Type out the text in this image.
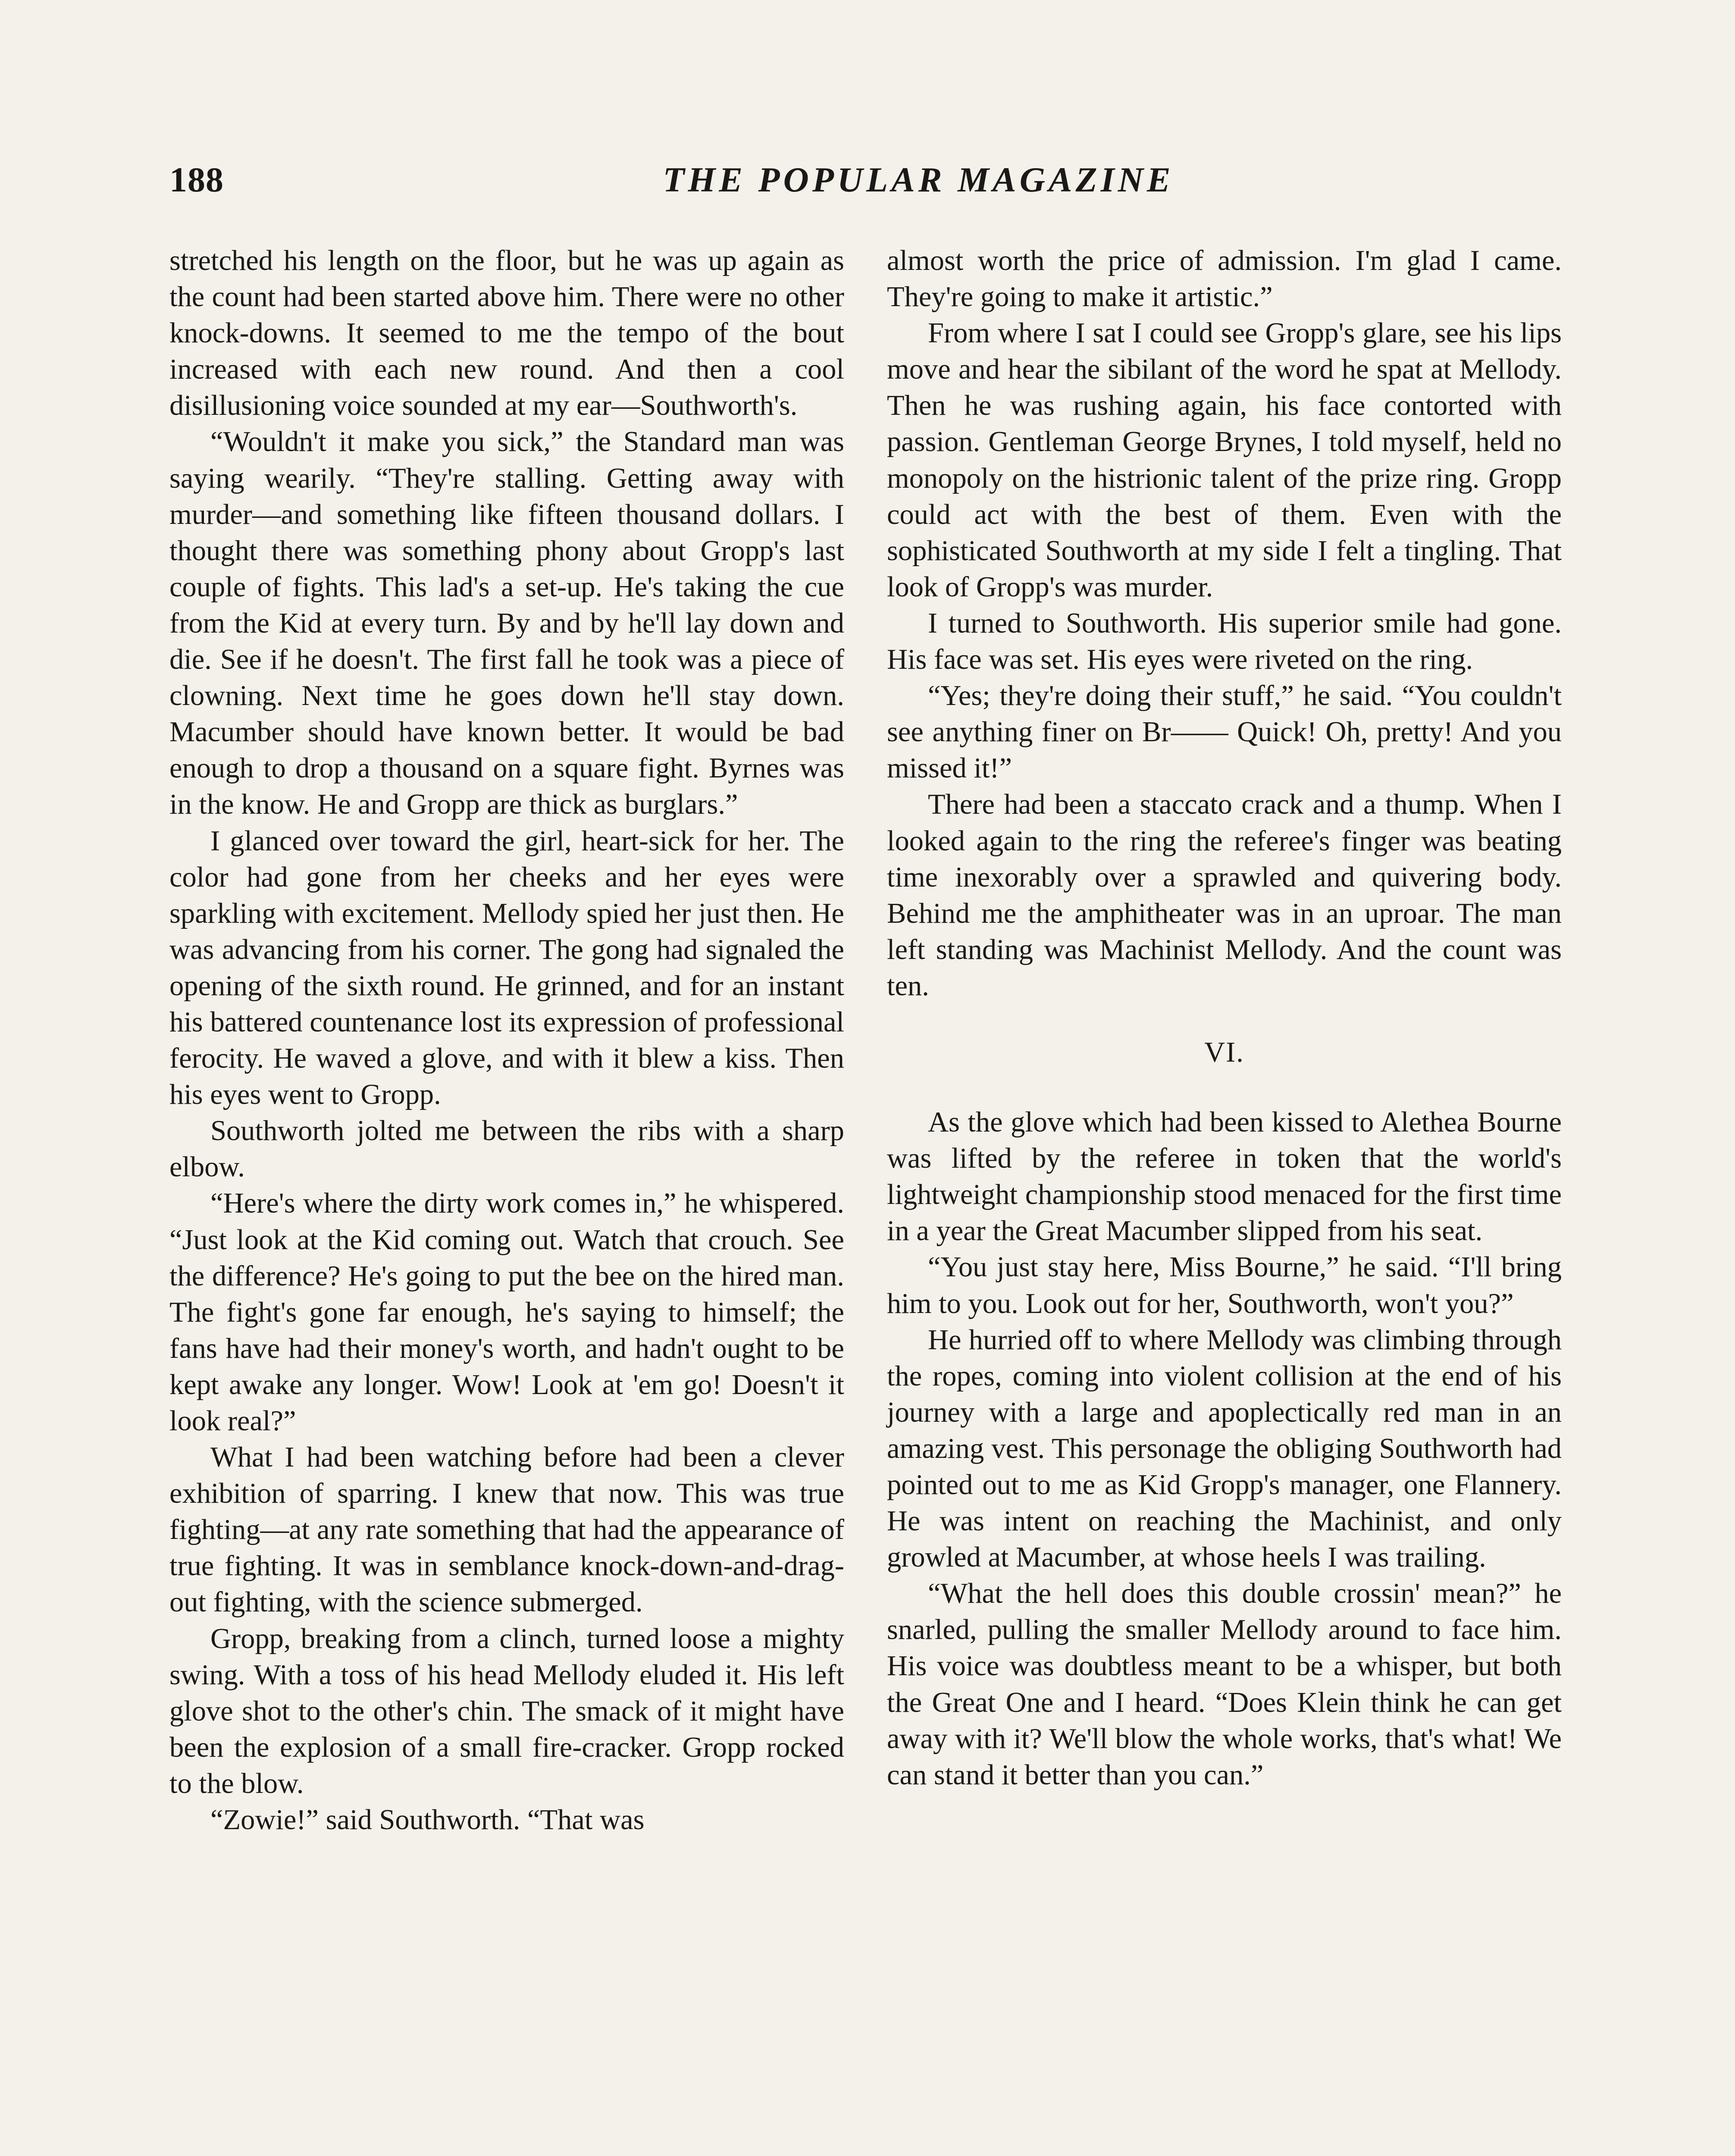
188	THE POPULAR MAGAZINE

stretched his length on the floor, but he was up again as the count had been started above him. There were no other knock-downs. It seemed to me the tempo of the bout increased with each new round. And then a cool disillusioning voice sounded at my ear—Southworth's.

“Wouldn't it make you sick,” the Standard man was saying wearily. “They're stalling. Getting away with murder—and something like fifteen thousand dollars. I thought there was something phony about Gropp's last couple of fights. This lad's a set-up. He's taking the cue from the Kid at every turn. By and by he'll lay down and die. See if he doesn't. The first fall he took was a piece of clowning. Next time he goes down he'll stay down. Macumber should have known better. It would be bad enough to drop a thousand on a square fight. Byrnes was in the know. He and Gropp are thick as burglars.”

I glanced over toward the girl, heart-sick for her. The color had gone from her cheeks and her eyes were sparkling with excitement. Mellody spied her just then. He was advancing from his corner. The gong had signaled the opening of the sixth round. He grinned, and for an instant his battered countenance lost its expression of professional ferocity. He waved a glove, and with it blew a kiss. Then his eyes went to Gropp.

Southworth jolted me between the ribs with a sharp elbow.

“Here's where the dirty work comes in,” he whispered. “Just look at the Kid coming out. Watch that crouch. See the difference? He's going to put the bee on the hired man. The fight's gone far enough, he's saying to himself; the fans have had their money's worth, and hadn't ought to be kept awake any longer. Wow! Look at 'em go! Doesn't it look real?”

What I had been watching before had been a clever exhibition of sparring. I knew that now. This was true fighting—at any rate something that had the appearance of true fighting. It was in semblance knock-down-and-drag-out fighting, with the science submerged.

Gropp, breaking from a clinch, turned loose a mighty swing. With a toss of his head Mellody eluded it. His left glove shot to the other's chin. The smack of it might have been the explosion of a small fire-cracker. Gropp rocked to the blow.

“Zowie!” said Southworth. “That was

almost worth the price of admission. I'm glad I came. They're going to make it artistic.”

From where I sat I could see Gropp's glare, see his lips move and hear the sibilant of the word he spat at Mellody. Then he was rushing again, his face contorted with passion. Gentleman George Brynes, I told myself, held no monopoly on the histrionic talent of the prize ring. Gropp could act with the best of them. Even with the sophisticated Southworth at my side I felt a tingling. That look of Gropp's was murder.

I turned to Southworth. His superior smile had gone. His face was set. His eyes were riveted on the ring.

“Yes; they're doing their stuff,” he said. “You couldn't see anything finer on Br—— Quick! Oh, pretty! And you missed it!”

There had been a staccato crack and a thump. When I looked again to the ring the referee's finger was beating time inexorably over a sprawled and quivering body. Behind me the amphitheater was in an uproar. The man left standing was Machinist Mellody. And the count was ten.

VI.

As the glove which had been kissed to Alethea Bourne was lifted by the referee in token that the world's lightweight championship stood menaced for the first time in a year the Great Macumber slipped from his seat.

“You just stay here, Miss Bourne,” he said. “I'll bring him to you. Look out for her, Southworth, won't you?”

He hurried off to where Mellody was climbing through the ropes, coming into violent collision at the end of his journey with a large and apoplectically red man in an amazing vest. This personage the obliging Southworth had pointed out to me as Kid Gropp's manager, one Flannery. He was intent on reaching the Machinist, and only growled at Macumber, at whose heels I was trailing.

“What the hell does this double crossin' mean?” he snarled, pulling the smaller Mellody around to face him. His voice was doubtless meant to be a whisper, but both the Great One and I heard. “Does Klein think he can get away with it? We'll blow the whole works, that's what! We can stand it better than you can.”
